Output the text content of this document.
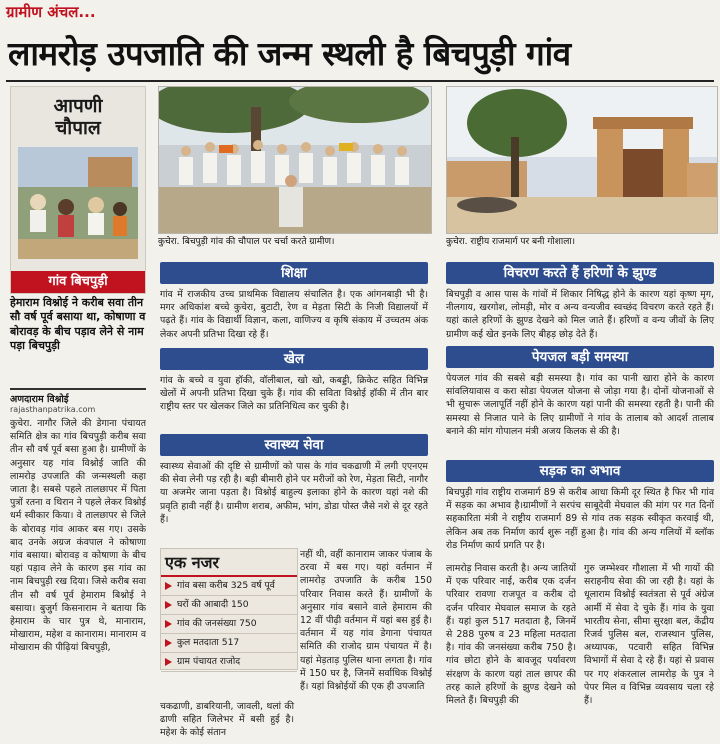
ग्रामीण अंचल...
लामरोड़ उपजाति की जन्म स्थली है बिचपुड़ी गांव
आपणी
चौपाल
गांव बिचपुड़ी
हेमाराम विश्नोई ने करीब सवा तीन सौ वर्ष पूर्व बसाया था, कोषाणा व बोरावड़ के बीच पड़ाव लेने से नाम पड़ा बिचपुड़ी
अणदाराम विश्नोई
rajasthanpatrika.com

कुचेरा. नागौर जिले की डेगाना पंचायत समिति क्षेत्र का गांव बिचपुड़ी करीब सवा तीन सौ वर्ष पूर्व बसा हुआ है। ग्रामीणों के अनुसार यह गांव विश्नोई जाति की लामरोड़ उपजाति की जन्मस्थली कहा जाता है। सबसे पहले तालछापर में पिता पुत्रों रतना व थिरान ने पहले लेकर विश्नोई धर्म स्वीकार किया। वे तालछापर से जिले के बोरावड़ गांव आकर बस गए। उसके बाद उनके अग्रज कंवपाल ने कोषाणा गांव बसाया। बोरावड़ व कोषाणा के बीच यहां पड़ाव लेने के कारण इस गांव का नाम बिचपुड़ी रख दिया। जिसे करीब सवा तीन सौ वर्ष पूर्व हेमाराम बिश्नोई ने बसाया। बुजुर्ग किसनाराम ने बताया कि हेमाराम के चार पुत्र थे, मानाराम, मोखाराम, महेश व कानाराम। मानाराम व मोखाराम की पीढ़ियां बिचपुड़ी,

कुचेरा. बिचपुड़ी गांव की चौपाल पर चर्चा करते ग्रामीण।	कुचेरा. राष्ट्रीय राजमार्ग पर बनी गोशाला।
शिक्षा

गांव में राजकीय उच्च प्राथमिक विद्यालय संचालित है। एक आंगनबाड़ी भी है। मगर अधिकांश बच्चे कुचेरा, बुटाटी, रेण व मेड़ता सिटी के निजी विद्यालयों में पढ़ते हैं। गांव के विद्यार्थी विज्ञान, कला, वाणिज्य व कृषि संकाय में उच्चतम अंक लेकर अपनी प्रतिभा दिखा रहे हैं।

खेल

गांव के बच्चे व युवा हॉकी, वॉलीबाल, खो खो, कबड्डी, क्रिकेट सहित विभिन्न खेलों में अपनी प्रतिभा दिखा चुके हैं। गांव की सविता विश्नोई हॉकी में तीन बार राष्ट्रीय स्तर पर खेलकर जिले का प्रतिनिधित्व कर चुकी है।

स्वास्थ्य सेवा

स्वास्थ्य सेवाओं की दृष्टि से ग्रामीणों को पास के गांव चकढाणी में लगी एएनएम की सेवा लेनी पड़ रही है। बड़ी बीमारी होने पर मरीजों को रेण, मेड़ता सिटी, नागौर या अजमेर जाना पड़ता है। विश्नोई बाहुल्य इलाका होने के कारण यहां नशे की प्रवृति हावी नहीं है। ग्रामीण शराब, अफीम, भांग, डोडा पोस्त जैसे नशे से दूर रहते हैं।

एक नजर
गांव बसा करीब 325 वर्ष पूर्व
घरों की आबादी 150
गांव की जनसंख्या 750
कुल मतदाता 517
ग्राम पंचायत राजोद

चकढाणी, डाबरियानी, जावली, थलां की ढाणी सहित जिलेभर में बसी हुई है। महेश के कोई संतान

नहीं थी, वहीं कानाराम जाकर पंजाब के ठरवा में बस गए। यहां वर्तमान में लामरोड़ उपजाति के करीब 150 परिवार निवास करते हैं। ग्रामीणों के अनुसार गांव बसाने वाले हेमाराम की 12 वीं पीढ़ी वर्तमान में यहां बस हुई है। वर्तमान में यह गांव डेगाना पंचायत समिति की राजोद ग्राम पंचायत में है। यहां मेड़ताड़ पुलिस थाना लगता है। गांव में 150 घर है, जिनमें सर्वाधिक विश्नोई हैं। यहां विश्नोईयों की एक ही उपजाति

विचरण करते हैं हरिणों के झुण्ड

बिचपुड़ी व आस पास के गांवों में शिकार निषिद्ध होने के कारण यहां कृष्ण मृग, नीलगाय, खरगोश, लोमड़ी, मोर व अन्य वन्यजीव स्वच्छंद विचरण करते रहते हैं। यहां काले हरिणों के झुण्ड देखने को मिल जाते हैं। हरिणों व वन्य जीवों के लिए ग्रामीण कई खेत इनके लिए बीहड़ छोड़ देते हैं।

पेयजल बड़ी समस्या

पेयजल गांव की सबसे बड़ी समस्या है। गांव का पानी खारा होने के कारण सांवलियावास व करा सोडा पेयजल योजना से जोड़ा गया है। दोनों योजनाओं से भी सुचारू जलापूर्ति नहीं होने के कारण यहां पानी की समस्या रहती है। पानी की समस्या से निजात पाने के लिए ग्रामीणों ने गांव के तालाब को आदर्श तालाब बनाने की मांग गोपालन मंत्री अजय किलक से की है।

सड़क का अभाव

बिचपुड़ी गांव राष्ट्रीय राजमार्ग 89 से करीब आधा किमी दूर स्थित है फिर भी गांव में सड़क का अभाव है।ग्रामीणों ने सरपंच साबूदेवी मेघवाल की मांग पर गत दिनों सहकारिता मंत्री ने राष्ट्रीय राजमार्ग 89 से गांव तक सड़क स्वीकृत करवाई थी, लेकिन अब तक निर्माण कार्य शुरू नहीं हुआ है। गांव की अन्य गलियों में ब्लॉक रोड निर्माण कार्य प्रगति पर है।

लामरोड़ निवास करती है। अन्य जातियों में एक परिवार नाई, करीब एक दर्जन परिवार रावणा राजपूत व करीब दो दर्जन परिवार मेघवाल समाज के रहते हैं। यहां कुल 517 मतदाता है, जिनमें से 288 पुरुष व 23 महिला मतदाता है। गांव की जनसंख्या करीब 750 है। गांव छोटा होने के बावजूद पर्यावरण संरक्षण के कारण यहां ताल छापर की तरह काले हरिणों के झुण्ड देखने को मिलते हैं। बिचपुड़ी की

गुरु जम्भेश्वर गौशाला में भी गायों की सराहनीय सेवा की जा रही है। यहां के धूलाराम विश्नोई स्वतंत्रता से पूर्व अंग्रेज आर्मी में सेवा दे चुके हैं। गांव के युवा भारतीय सेना, सीमा सुरक्षा बल, केंद्रीय रिजर्व पुलिस बल, राजस्थान पुलिस, अध्यापक, पटवारी सहित विभिन्न विभागों में सेवा दे रहे हैं। यहां से प्रवास पर गए शंकरलाल लामरोड़ के पुत्र ने पेपर मिल व विभिन्न व्यवसाय चला रहे हैं।
